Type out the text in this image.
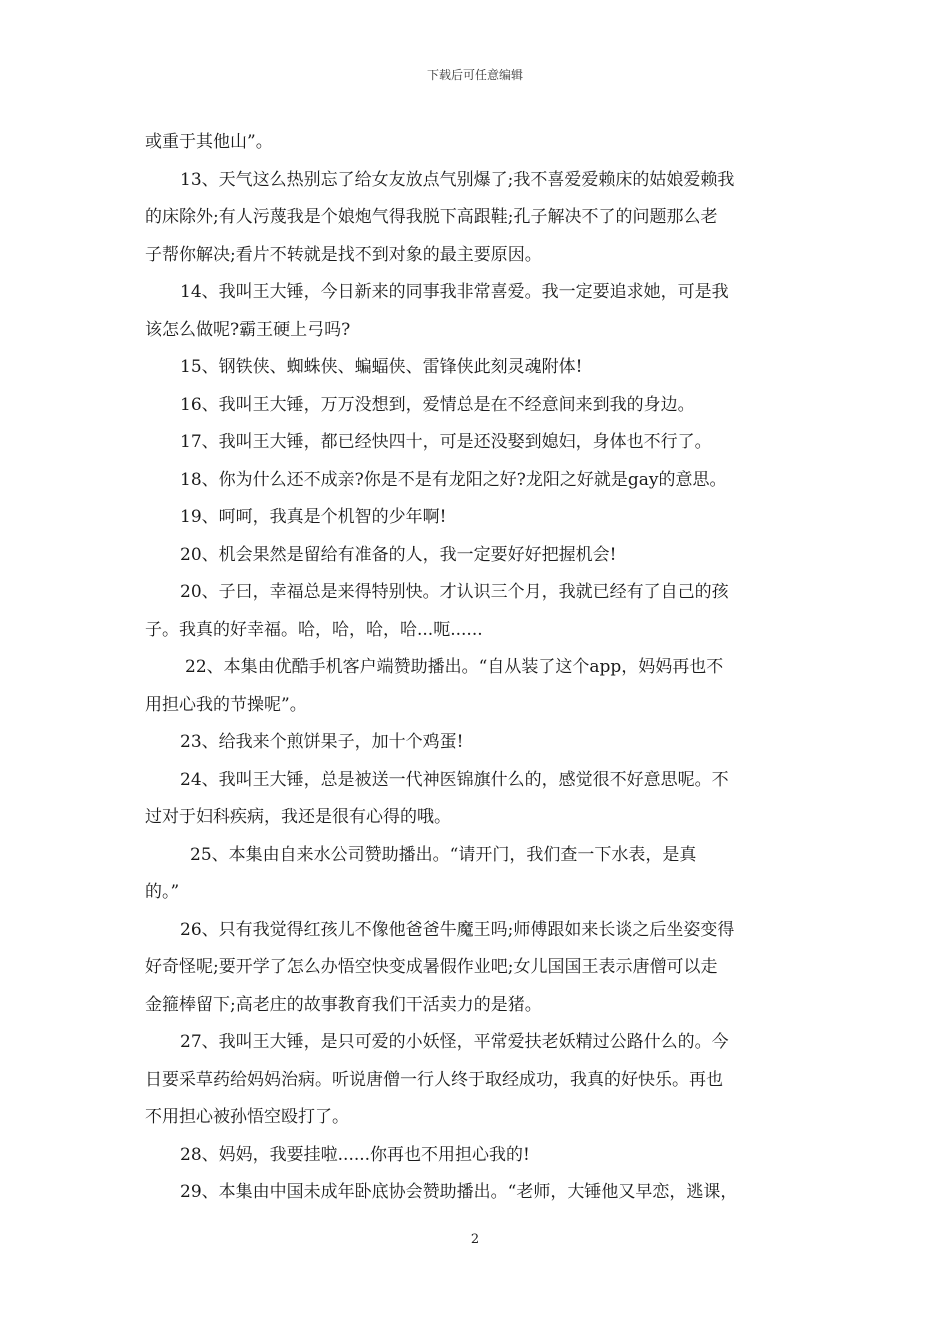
下载后可任意编辑
或重于其他山”。
13、天气这么热别忘了给女友放点气别爆了;我不喜爱爱赖床的姑娘爱赖我
的床除外;有人污蔑我是个娘炮气得我脱下高跟鞋;孔子解决不了的问题那么老
子帮你解决;看片不转就是找不到对象的最主要原因。
14、我叫王大锤，今日新来的同事我非常喜爱。我一定要追求她，可是我
该怎么做呢?霸王硬上弓吗?
15、钢铁侠、蜘蛛侠、蝙蝠侠、雷锋侠此刻灵魂附体!
16、我叫王大锤，万万没想到，爱情总是在不经意间来到我的身边。
17、我叫王大锤，都已经快四十，可是还没娶到媳妇，身体也不行了。
18、你为什么还不成亲?你是不是有龙阳之好?龙阳之好就是gay的意思。
19、呵呵，我真是个机智的少年啊!
20、机会果然是留给有准备的人，我一定要好好把握机会!
20、子曰，幸福总是来得特别快。才认识三个月，我就已经有了自己的孩
子。我真的好幸福。哈，哈，哈，哈...呃......
22、本集由优酷手机客户端赞助播出。“自从装了这个app，妈妈再也不
用担心我的节操呢”。
23、给我来个煎饼果子，加十个鸡蛋!
24、我叫王大锤，总是被送一代神医锦旗什么的，感觉很不好意思呢。不
过对于妇科疾病，我还是很有心得的哦。
25、本集由自来水公司赞助播出。“请开门，我们查一下水表，是真
的。”
26、只有我觉得红孩儿不像他爸爸牛魔王吗;师傅跟如来长谈之后坐姿变得
好奇怪呢;要开学了怎么办悟空快变成暑假作业吧;女儿国国王表示唐僧可以走
金箍棒留下;高老庄的故事教育我们干活卖力的是猪。
27、我叫王大锤，是只可爱的小妖怪，平常爱扶老妖精过公路什么的。今
日要采草药给妈妈治病。听说唐僧一行人终于取经成功，我真的好快乐。再也
不用担心被孙悟空殴打了。
28、妈妈，我要挂啦......你再也不用担心我的!
29、本集由中国未成年卧底协会赞助播出。“老师，大锤他又早恋，逃课，
2
